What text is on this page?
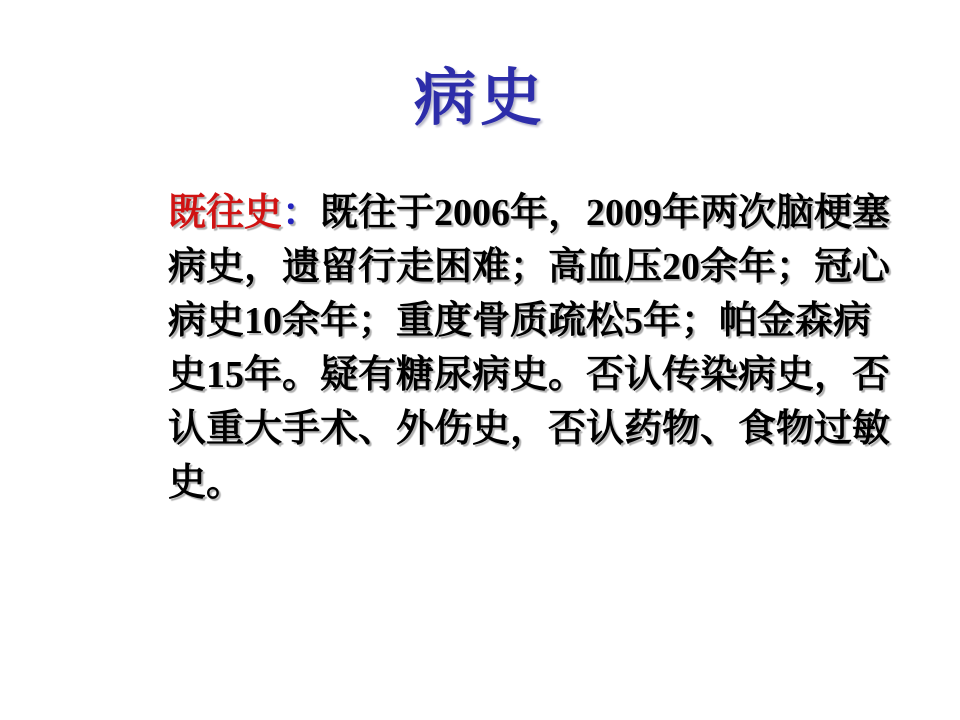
病史

既往史：既往于2006年，2009年两次脑梗塞

病史，遗留行走困难；高血压20余年；冠心

病史10余年；重度骨质疏松5年；帕金森病

史15年。疑有糖尿病史。否认传染病史，否

认重大手术、外伤史，否认药物、食物过敏

史。
